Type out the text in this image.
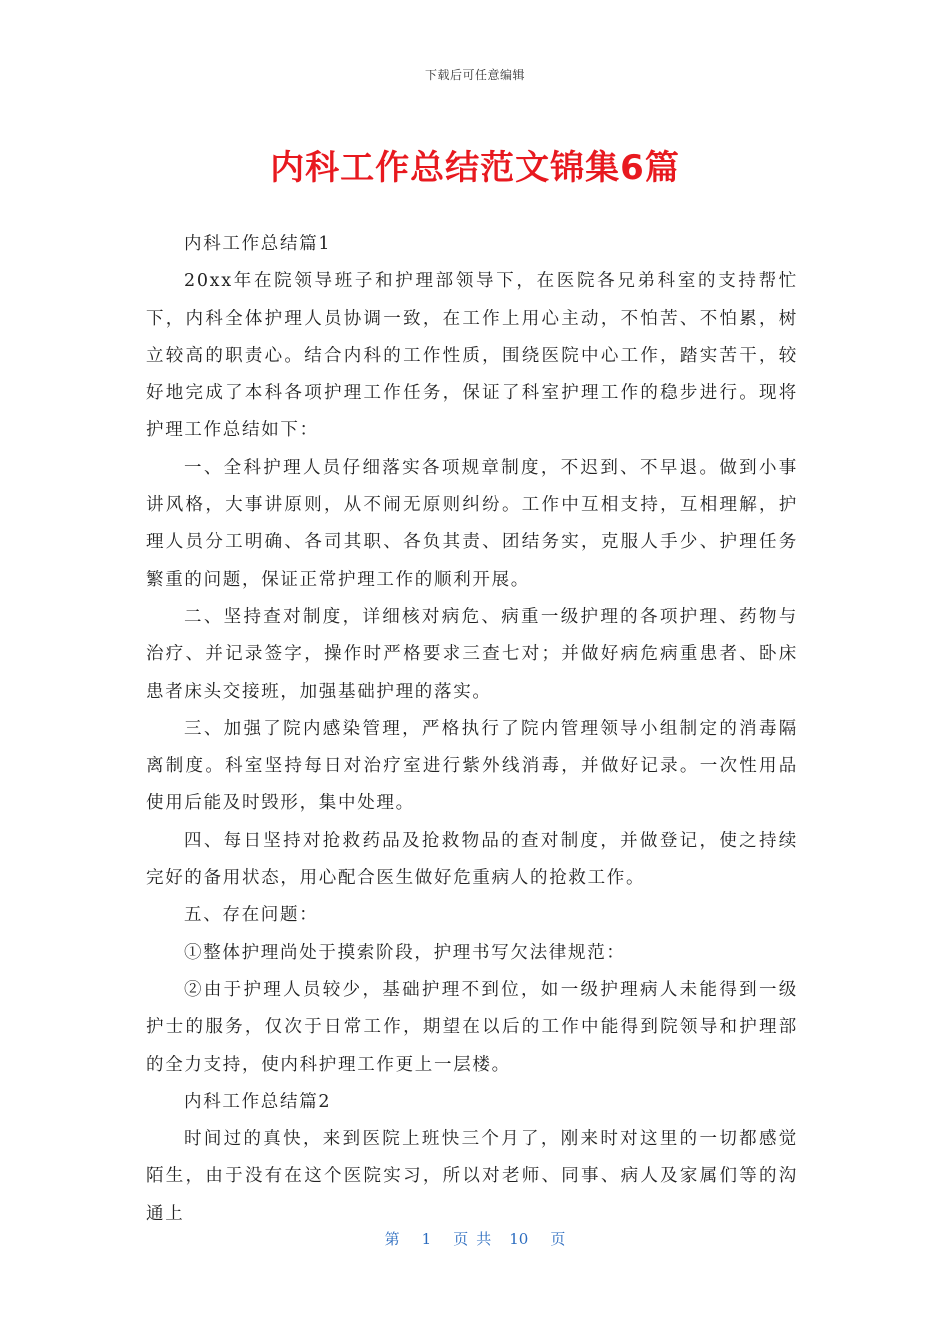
下载后可任意编辑
内科工作总结范文锦集6篇

内科工作总结篇1

20xx年在院领导班子和护理部领导下，在医院各兄弟科室的支持帮忙下，内科全体护理人员协调一致，在工作上用心主动，不怕苦、不怕累，树立较高的职责心。结合内科的工作性质，围绕医院中心工作，踏实苦干，较好地完成了本科各项护理工作任务，保证了科室护理工作的稳步进行。现将护理工作总结如下：

一、全科护理人员仔细落实各项规章制度，不迟到、不早退。做到小事讲风格，大事讲原则，从不闹无原则纠纷。工作中互相支持，互相理解，护理人员分工明确、各司其职、各负其责、团结务实，克服人手少、护理任务繁重的问题，保证正常护理工作的顺利开展。

二、坚持查对制度，详细核对病危、病重一级护理的各项护理、药物与治疗、并记录签字，操作时严格要求三查七对；并做好病危病重患者、卧床患者床头交接班，加强基础护理的落实。

三、加强了院内感染管理，严格执行了院内管理领导小组制定的消毒隔离制度。科室坚持每日对治疗室进行紫外线消毒，并做好记录。一次性用品使用后能及时毁形，集中处理。

四、每日坚持对抢救药品及抢救物品的查对制度，并做登记，使之持续完好的备用状态，用心配合医生做好危重病人的抢救工作。

五、存在问题：

①整体护理尚处于摸索阶段，护理书写欠法律规范：

②由于护理人员较少，基础护理不到位，如一级护理病人未能得到一级护士的服务，仅次于日常工作，期望在以后的工作中能得到院领导和护理部的全力支持，使内科护理工作更上一层楼。

内科工作总结篇2

时间过的真快，来到医院上班快三个月了，刚来时对这里的一切都感觉陌生，由于没有在这个医院实习，所以对老师、同事、病人及家属们等的沟通上

第 1 页共 10 页
